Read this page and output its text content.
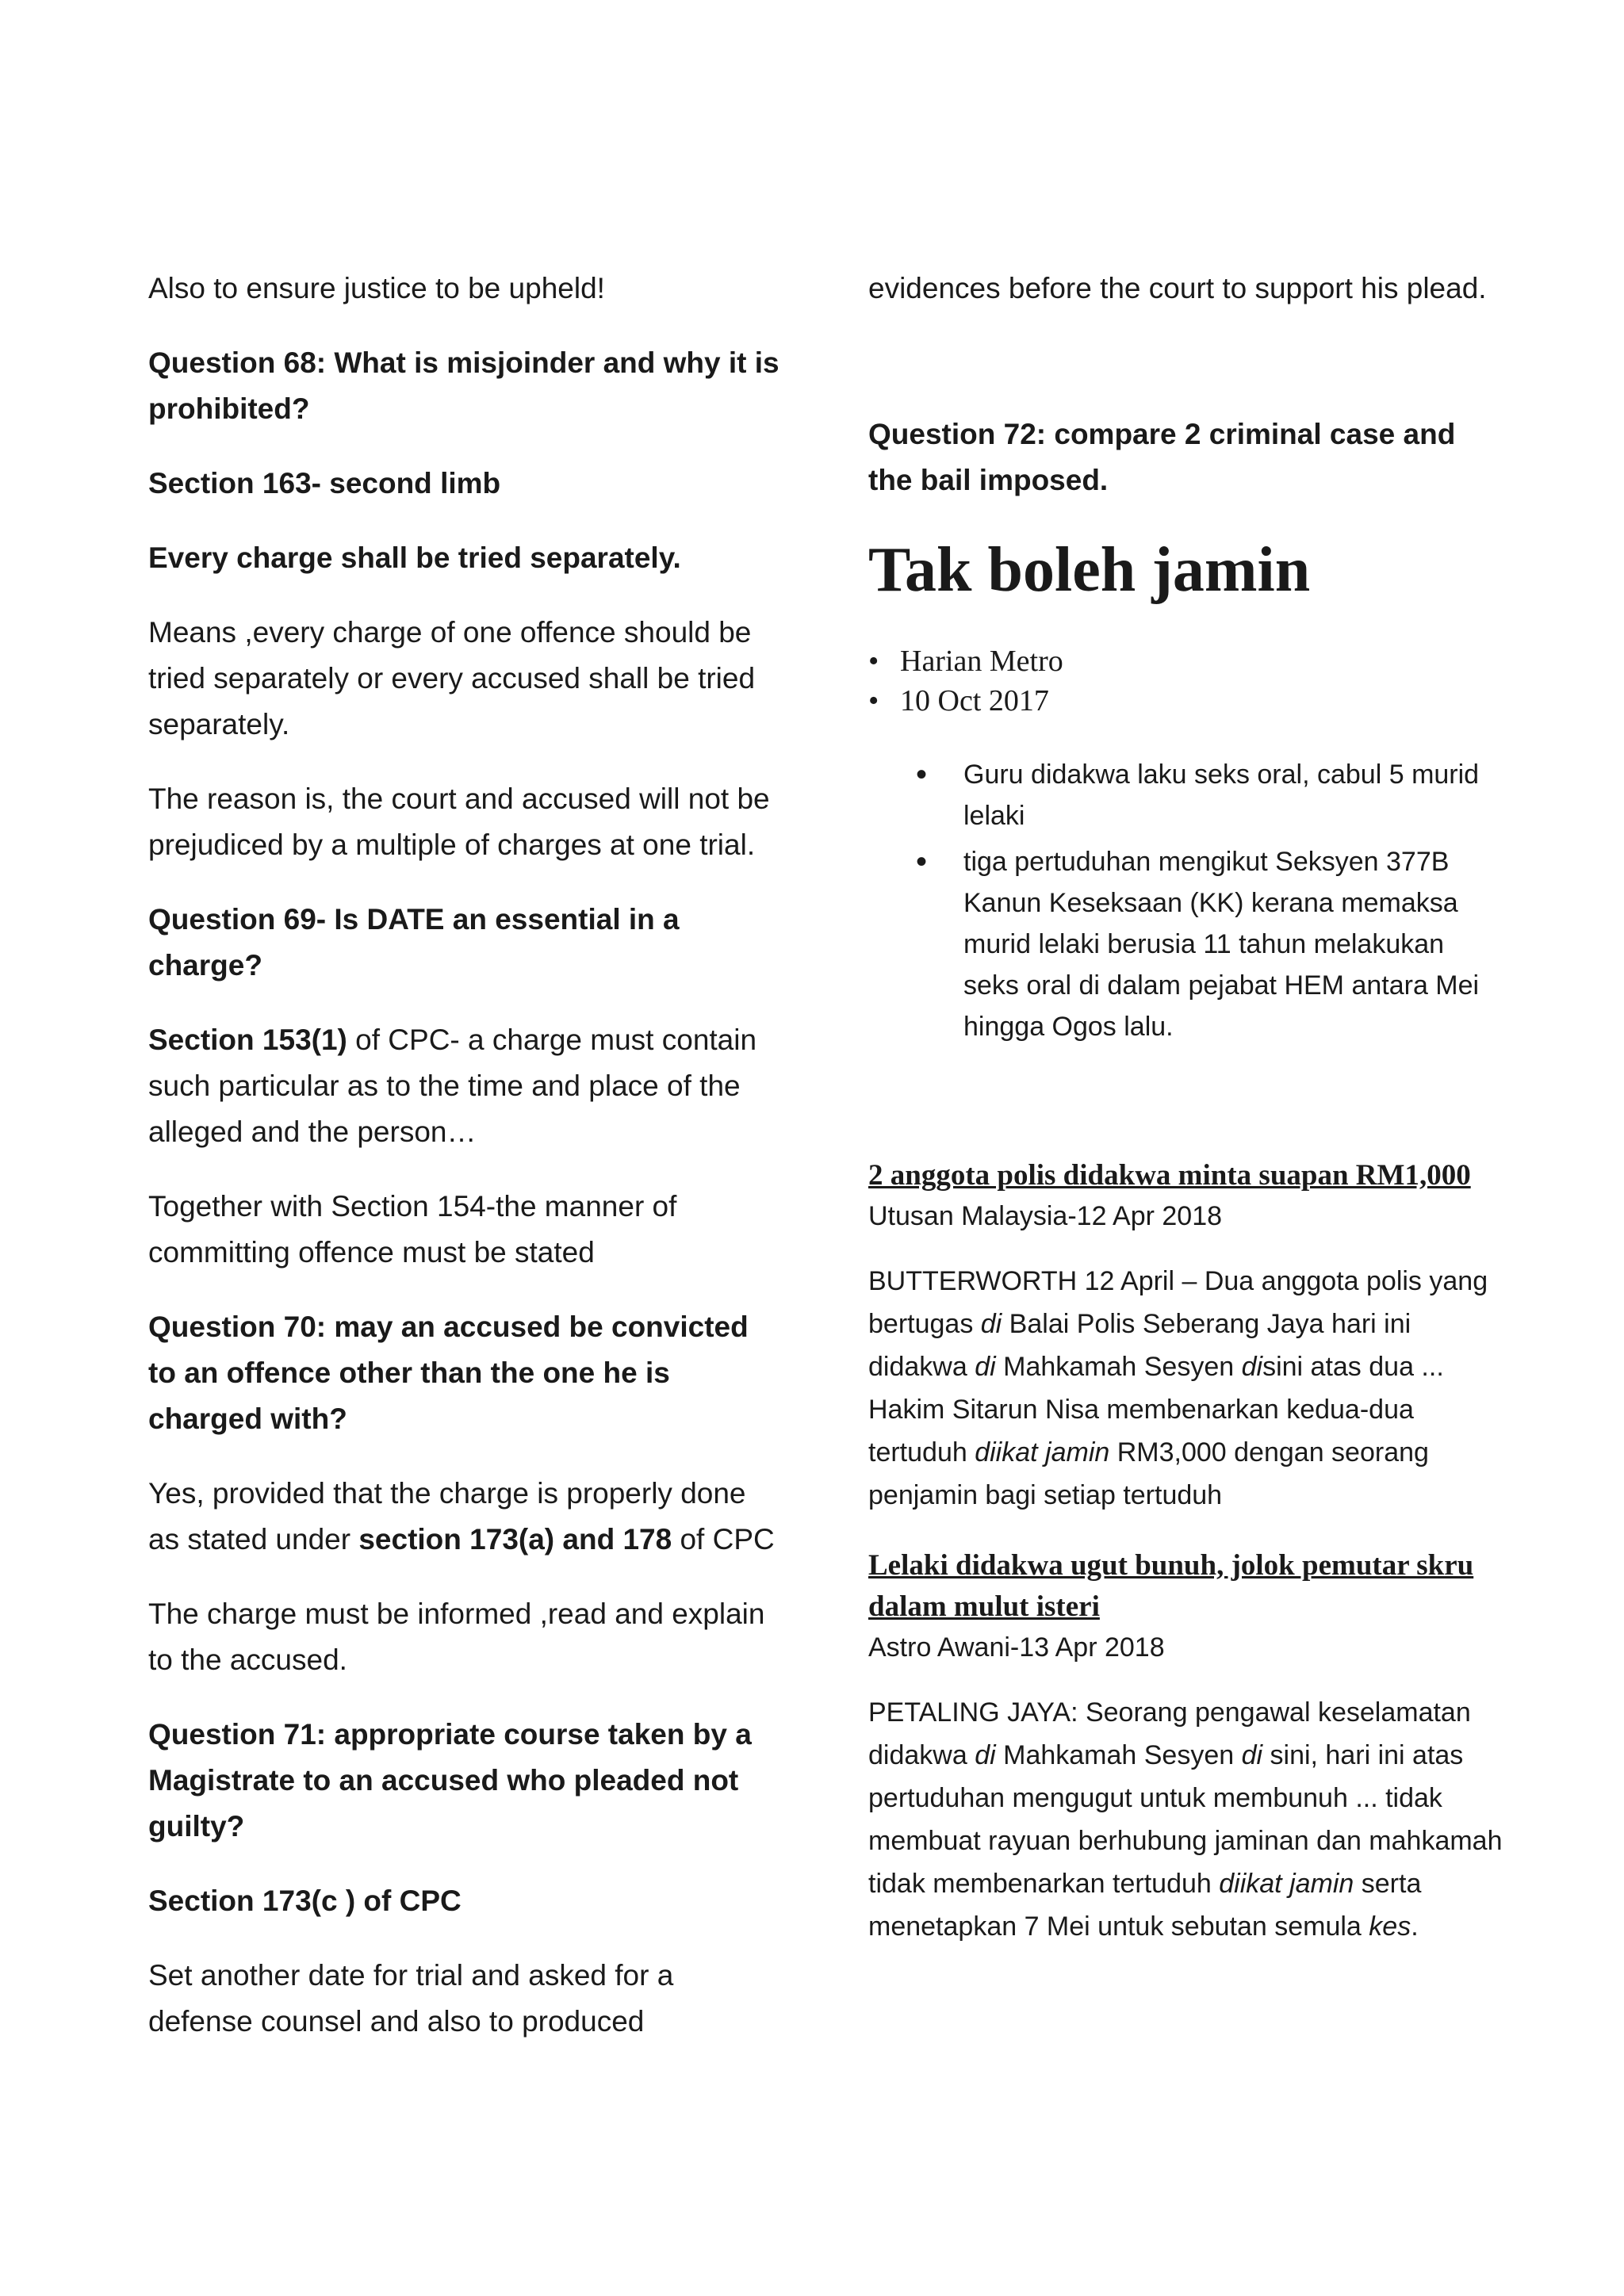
Also to ensure justice to be upheld!

Question 68: What is misjoinder and why it is prohibited?

Section 163- second limb

Every charge shall be tried separately.

Means ,every charge of one offence should be tried separately or every accused shall be tried separately.

The reason is, the court and accused will not be prejudiced by a multiple of charges at one trial.

Question 69- Is DATE an essential in a charge?

Section 153(1) of CPC- a charge must contain such particular as to the time and place of the alleged and the person…

Together with Section 154-the manner of committing offence must be stated

Question 70: may an accused be convicted to an offence other than the one he is charged with?

Yes, provided that the charge is properly done as stated under section 173(a) and 178 of CPC

The charge must be informed ,read and explain to the accused.

Question 71: appropriate course taken by a Magistrate to an accused who pleaded not guilty?

Section 173(c ) of CPC

Set another date for trial and asked for a defense counsel and also to produced

evidences before the court to support his plead.

Question 72: compare 2 criminal case and the bail imposed.

Tak boleh jamin
• Harian Metro
• 10 Oct 2017
• Guru didakwa laku seks oral, cabul 5 murid lelaki
• tiga pertuduhan mengikut Seksyen 377B Kanun Keseksaan (KK) kerana memaksa murid lelaki berusia 11 tahun melakukan seks oral di dalam pejabat HEM antara Mei hingga Ogos lalu.

2 anggota polis didakwa minta suapan RM1,000

Utusan Malaysia-12 Apr 2018

BUTTERWORTH 12 April – Dua anggota polis yang bertugas di Balai Polis Seberang Jaya hari ini didakwa di Mahkamah Sesyen disini atas dua ... Hakim Sitarun Nisa membenarkan kedua-dua tertuduh diikat jamin RM3,000 dengan seorang penjamin bagi setiap tertuduh

Lelaki didakwa ugut bunuh, jolok pemutar skru dalam mulut isteri

Astro Awani-13 Apr 2018

PETALING JAYA: Seorang pengawal keselamatan didakwa di Mahkamah Sesyen di sini, hari ini atas pertuduhan mengugut untuk membunuh ... tidak membuat rayuan berhubung jaminan dan mahkamah tidak membenarkan tertuduh diikat jamin serta menetapkan 7 Mei untuk sebutan semula kes.
